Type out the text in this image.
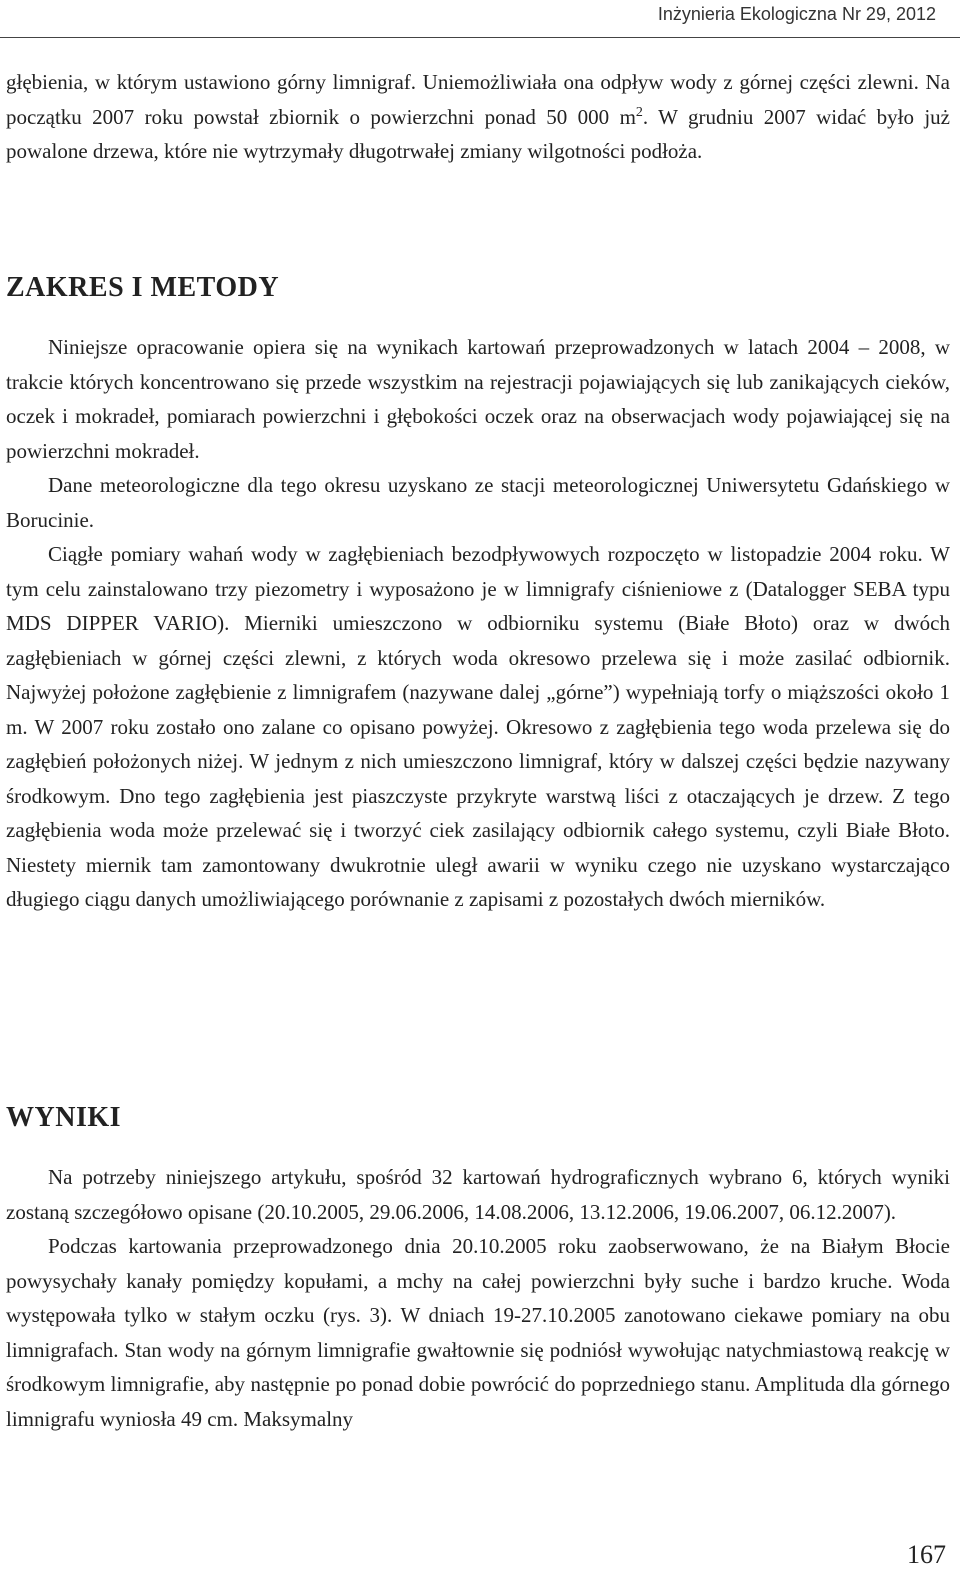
Inżynieria Ekologiczna Nr 29, 2012

głębienia, w którym ustawiono górny limnigraf. Uniemożliwiała ona odpływ wody z górnej części zlewni. Na początku 2007 roku powstał zbiornik o powierzchni ponad 50 000 $m^2$. W grudniu 2007 widać było już powalone drzewa, które nie wytrzymały długotrwałej zmiany wilgotności podłoża.

ZAKRES I METODY

Niniejsze opracowanie opiera się na wynikach kartowań przeprowadzonych w latach 2004 – 2008, w trakcie których koncentrowano się przede wszystkim na rejestracji pojawiających się lub zanikających cieków, oczek i mokradeł, pomiarach powierzchni i głębokości oczek oraz na obserwacjach wody pojawiającej się na powierzchni mokradeł.

Dane meteorologiczne dla tego okresu uzyskano ze stacji meteorologicznej Uniwersytetu Gdańskiego w Borucinie.

Ciągłe pomiary wahań wody w zagłębieniach bezodpływowych rozpoczęto w listopadzie 2004 roku. W tym celu zainstalowano trzy piezometry i wyposażono je w limnigrafy ciśnieniowe z (Datalogger SEBA typu MDS DIPPER VARIO). Mierniki umieszczono w odbiorniku systemu (Białe Błoto) oraz w dwóch zagłębieniach w górnej części zlewni, z których woda okresowo przelewa się i może zasilać odbiornik. Najwyżej położone zagłębienie z limnigrafem (nazywane dalej „górne”) wypełniają torfy o miąższości około 1 m. W 2007 roku zostało ono zalane co opisano powyżej. Okresowo z zagłębienia tego woda przelewa się do zagłębień położonych niżej. W jednym z nich umieszczono limnigraf, który w dalszej części będzie nazywany środkowym. Dno tego zagłębienia jest piaszczyste przykryte warstwą liści z otaczających je drzew. Z tego zagłębienia woda może przelewać się i tworzyć ciek zasilający odbiornik całego systemu, czyli Białe Błoto. Niestety miernik tam zamontowany dwukrotnie uległ awarii w wyniku czego nie uzyskano wystarczająco długiego ciągu danych umożliwiającego porównanie z zapisami z pozostałych dwóch mierników.

WYNIKI

Na potrzeby niniejszego artykułu, spośród 32 kartowań hydrograficznych wybrano 6, których wyniki zostaną szczegółowo opisane (20.10.2005, 29.06.2006, 14.08.2006, 13.12.2006, 19.06.2007, 06.12.2007).

Podczas kartowania przeprowadzonego dnia 20.10.2005 roku zaobserwowano, że na Białym Błocie powysychały kanały pomiędzy kopułami, a mchy na całej powierzchni były suche i bardzo kruche. Woda występowała tylko w stałym oczku (rys. 3). W dniach 19-27.10.2005 zanotowano ciekawe pomiary na obu limnigrafach. Stan wody na górnym limnigrafie gwałtownie się podniósł wywołując natychmiastową reakcję w środkowym limnigrafie, aby następnie po ponad dobie powrócić do poprzedniego stanu. Amplituda dla górnego limnigrafu wyniosła 49 cm. Maksymalny

167
